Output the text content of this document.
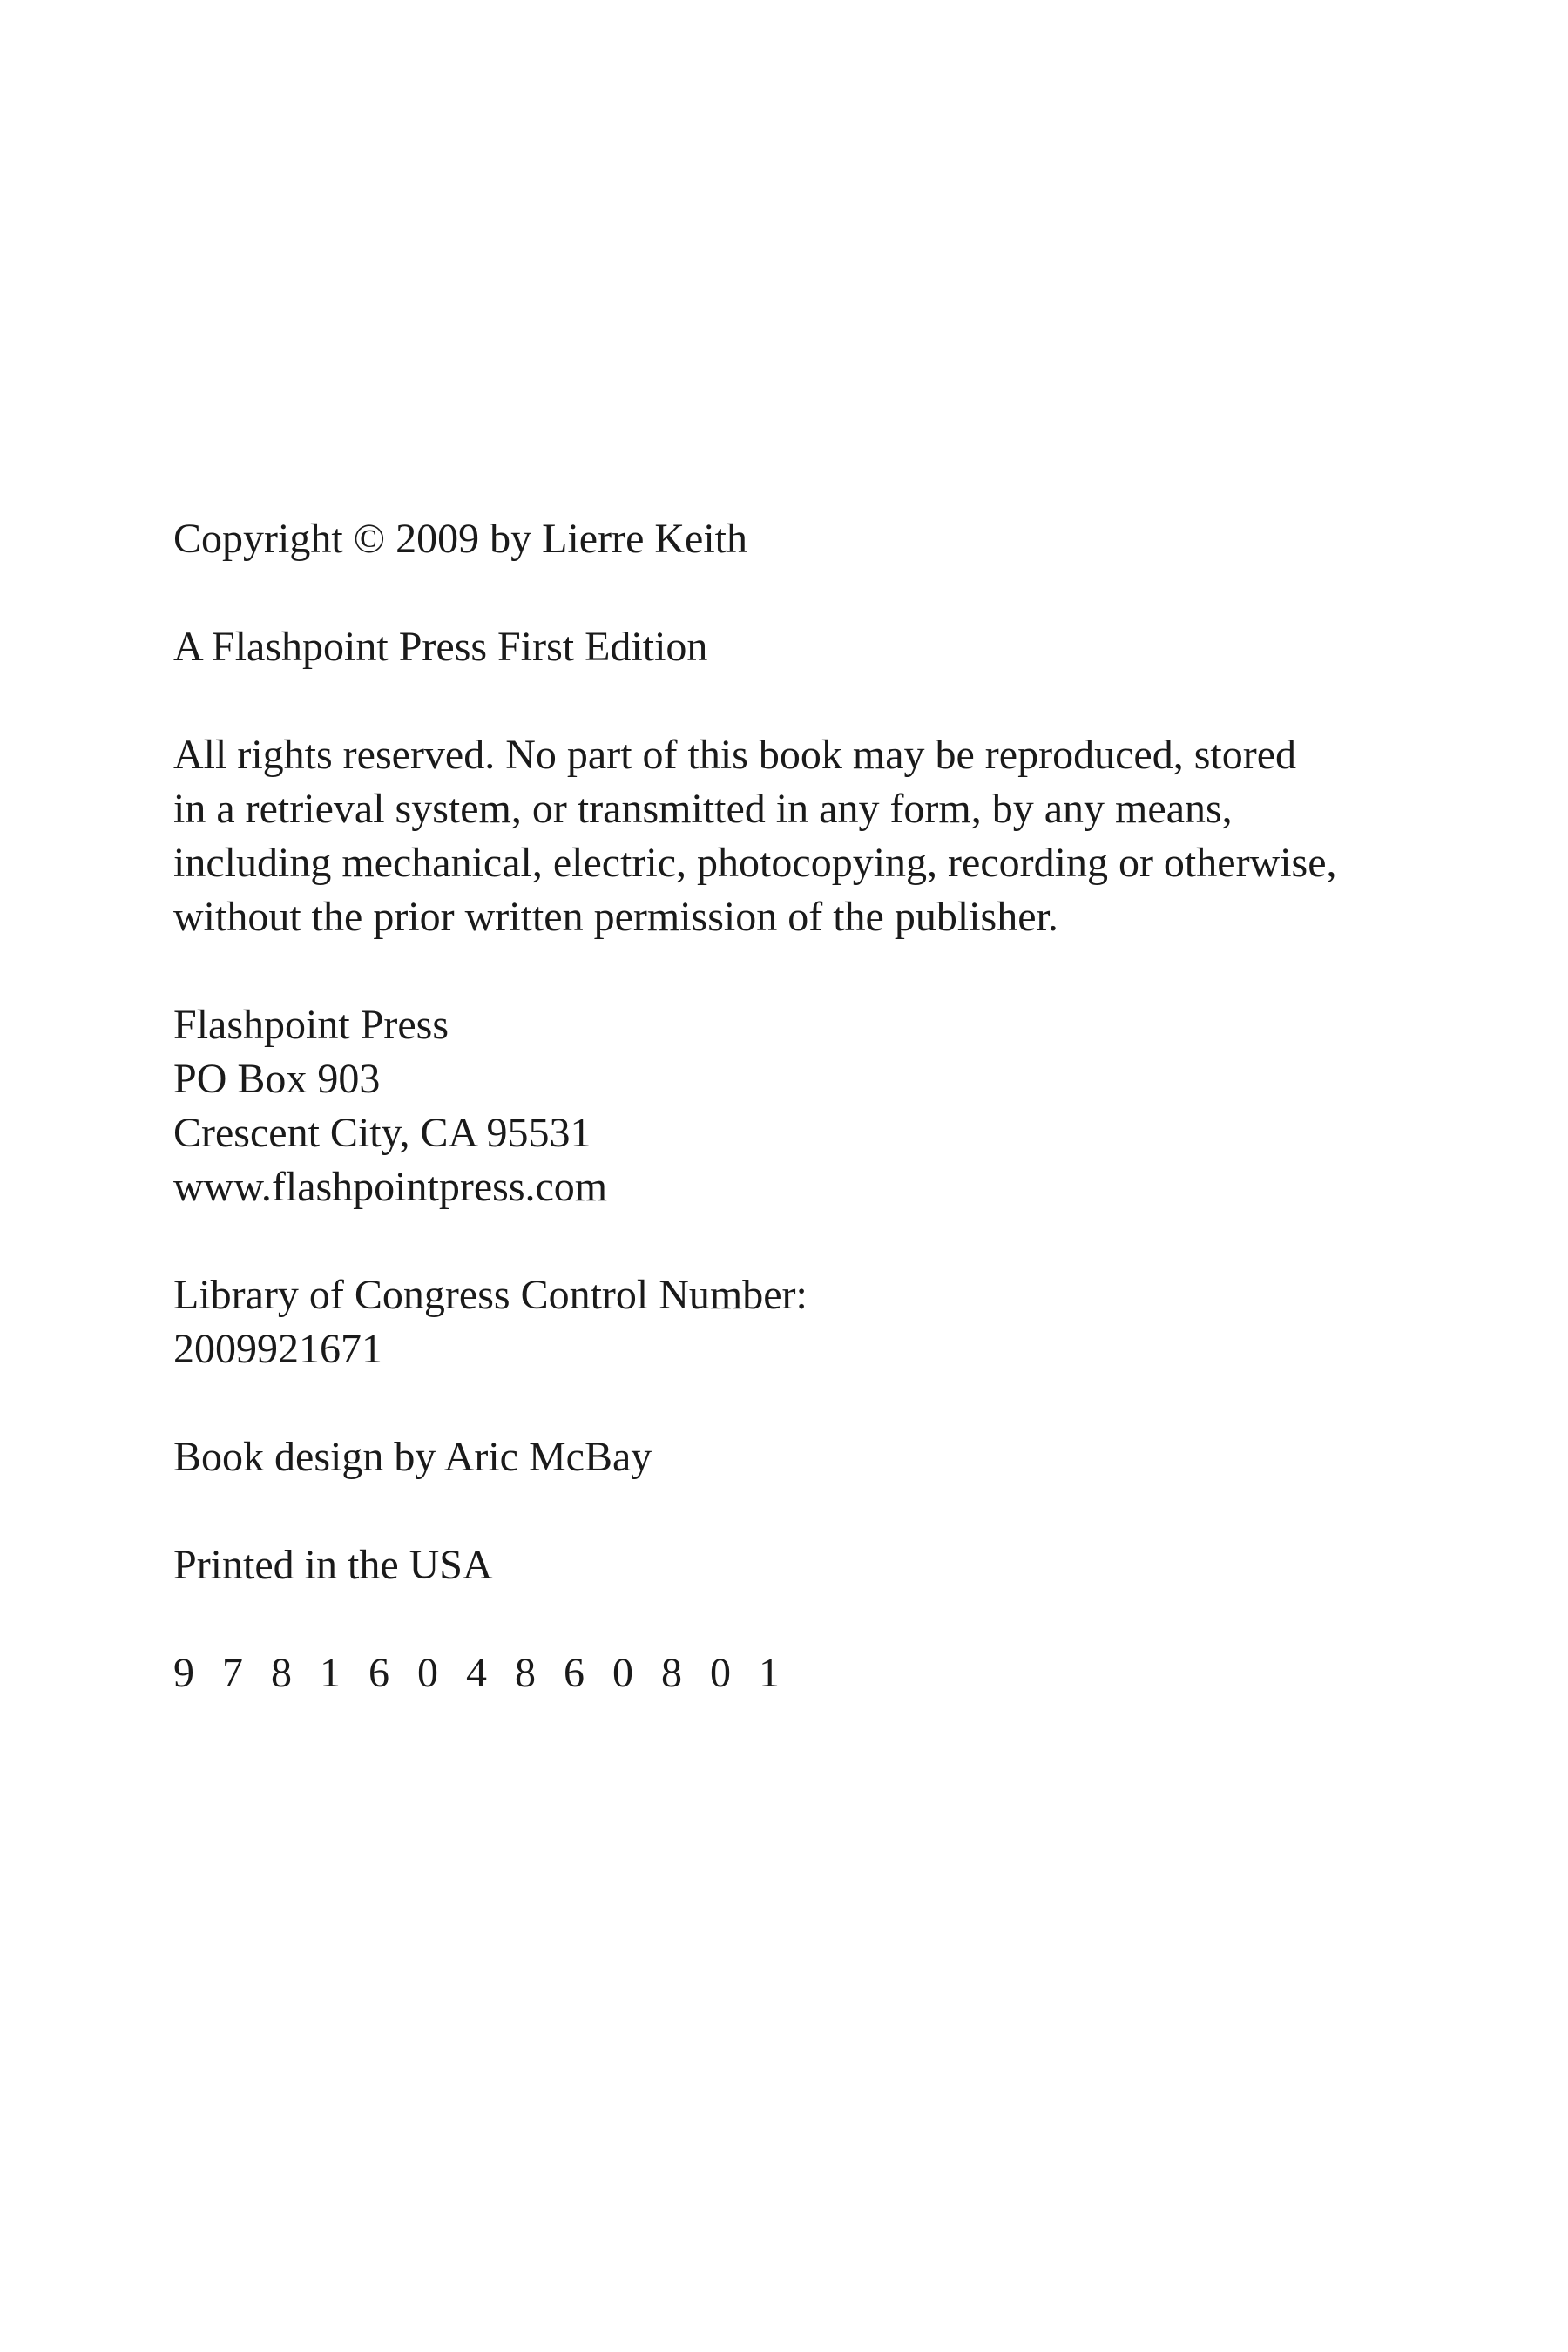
Copyright © 2009 by Lierre Keith
A Flashpoint Press First Edition
All rights reserved. No part of this book may be reproduced, stored
in a retrieval system, or transmitted in any form, by any means,
including mechanical, electric, photocopying, recording or otherwise,
without the prior written permission of the publisher.
Flashpoint Press
PO Box 903
Crescent City, CA 95531
www.flashpointpress.com
Library of Congress Control Number:
2009921671
Book design by Aric McBay
Printed in the USA
9 7 8 1 6 0 4 8 6 0 8 0 1
